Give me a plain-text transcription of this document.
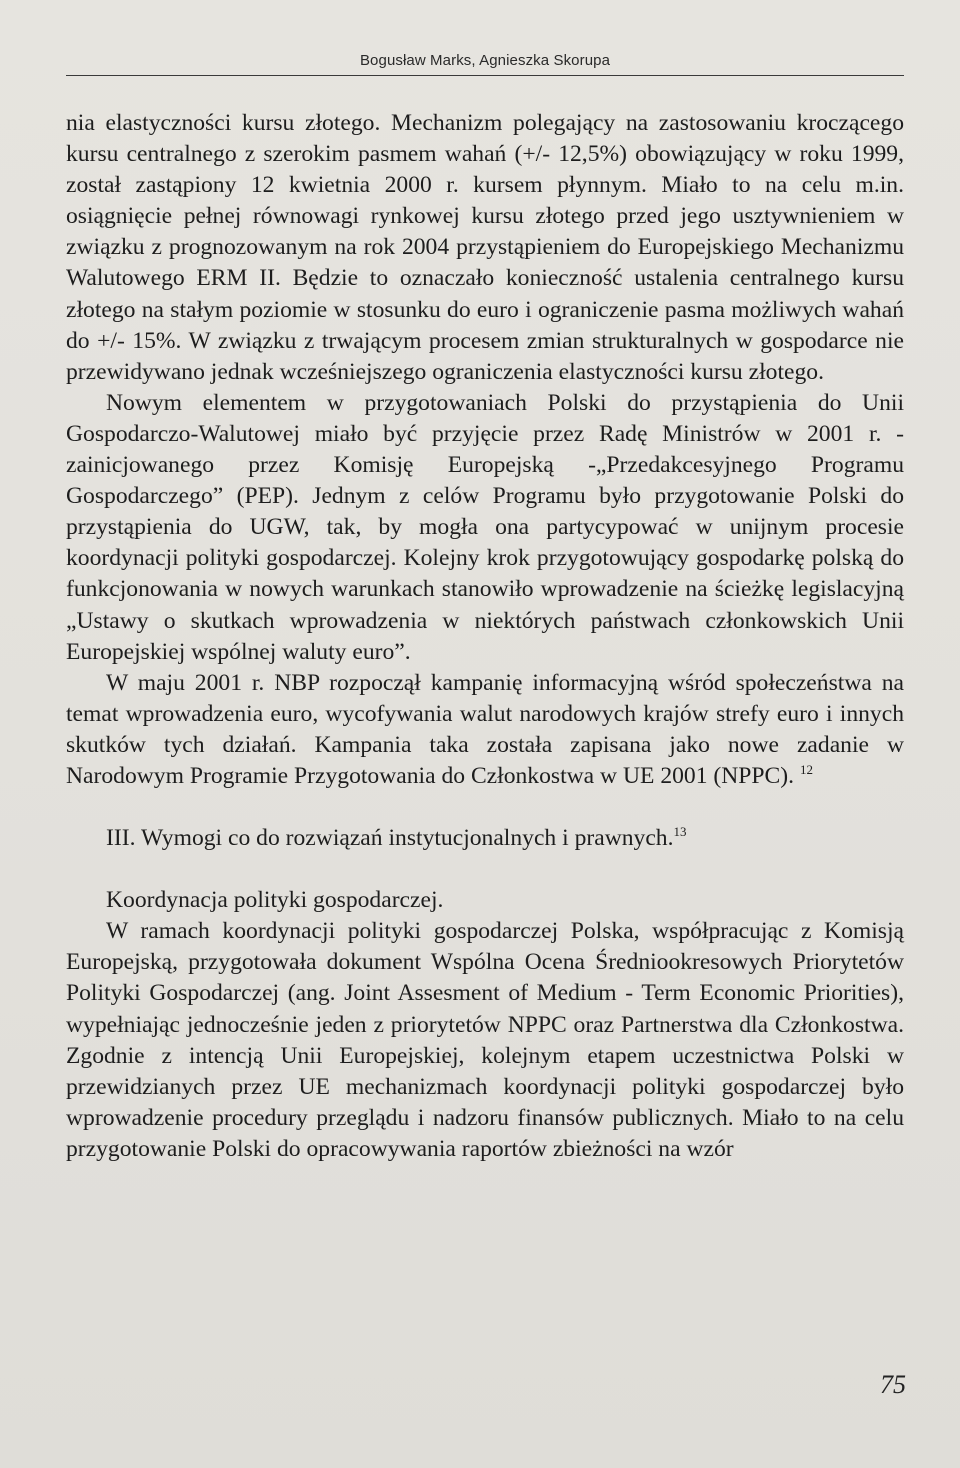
Bogusław Marks, Agnieszka Skorupa

nia elastyczności kursu złotego. Mechanizm polegający na zastosowaniu kroczącego kursu centralnego z szerokim pasmem wahań (+/- 12,5%) obowiązujący w roku 1999, został zastąpiony 12 kwietnia 2000 r. kursem płynnym. Miało to na celu m.in. osiągnięcie pełnej równowagi rynkowej kursu złotego przed jego usztywnieniem w związku z prognozowanym na rok 2004 przystąpieniem do Europejskiego Mechanizmu Walutowego ERM II. Będzie to oznaczało konieczność ustalenia centralnego kursu złotego na stałym poziomie w stosunku do euro i ograniczenie pasma możliwych wahań do +/- 15%. W związku z trwającym procesem zmian strukturalnych w gospodarce nie przewidywano jednak wcześniejszego ograniczenia elastyczności kursu złotego.

Nowym elementem w przygotowaniach Polski do przystąpienia do Unii Gospodarczo-Walutowej miało być przyjęcie przez Radę Ministrów w 2001 r. - zainicjowanego przez Komisję Europejską -„Przedakcesyjnego Programu Gospodarczego” (PEP). Jednym z celów Programu było przygotowanie Polski do przystąpienia do UGW, tak, by mogła ona partycypować w unijnym procesie koordynacji polityki gospodarczej. Kolejny krok przygotowujący gospodarkę polską do funkcjonowania w nowych warunkach stanowiło wprowadzenie na ścieżkę legislacyjną „Ustawy o skutkach wprowadzenia w niektórych państwach członkowskich Unii Europejskiej wspólnej waluty euro”.

W maju 2001 r. NBP rozpoczął kampanię informacyjną wśród społeczeństwa na temat wprowadzenia euro, wycofywania walut narodowych krajów strefy euro i innych skutków tych działań. Kampania taka została zapisana jako nowe zadanie w Narodowym Programie Przygotowania do Członkostwa w UE 2001 (NPPC). $^{12}$

III. Wymogi co do rozwiązań instytucjonalnych i prawnych.$^{13}$

Koordynacja polityki gospodarczej.

W ramach koordynacji polityki gospodarczej Polska, współpracując z Komisją Europejską, przygotowała dokument Wspólna Ocena Średniookresowych Priorytetów Polityki Gospodarczej (ang. Joint Assesment of Medium - Term Economic Priorities), wypełniając jednocześnie jeden z priorytetów NPPC oraz Partnerstwa dla Członkostwa. Zgodnie z intencją Unii Europejskiej, kolejnym etapem uczestnictwa Polski w przewidzianych przez UE mechanizmach koordynacji polityki gospodarczej było wprowadzenie procedury przeglądu i nadzoru finansów publicznych. Miało to na celu przygotowanie Polski do opracowywania raportów zbieżności na wzór

75
